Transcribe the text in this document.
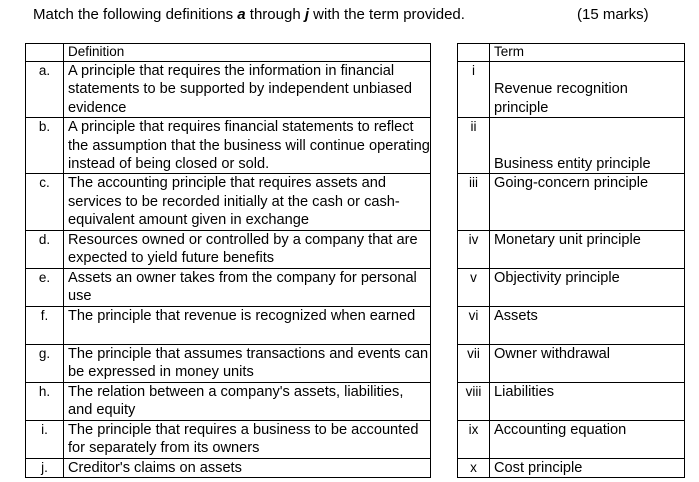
Match the following definitions a through j with the term provided.	(15 marks)
	Definition			Term
a.	A principle that requires the information in financial statements to be supported by independent unbiased evidence		i	Revenue recognition principle
b.	A principle that requires financial statements to reflect the assumption that the business will continue operating instead of being closed or sold.		ii	Business entity principle
c.	The accounting principle that requires assets and services to be recorded initially at the cash or cash-equivalent amount given in exchange		iii	Going-concern principle
d.	Resources owned or controlled by a company that are expected to yield future benefits		iv	Monetary unit principle
e.	Assets an owner takes from the company for personal use		v	Objectivity principle
f.	The principle that revenue is recognized when earned		vi	Assets
g.	The principle that assumes transactions and events can be expressed in money units		vii	Owner withdrawal
h.	The relation between a company's assets, liabilities, and equity		viii	Liabilities
i.	The principle that requires a business to be accounted for separately from its owners		ix	Accounting equation
j.	Creditor's claims on assets		x	Cost principle
